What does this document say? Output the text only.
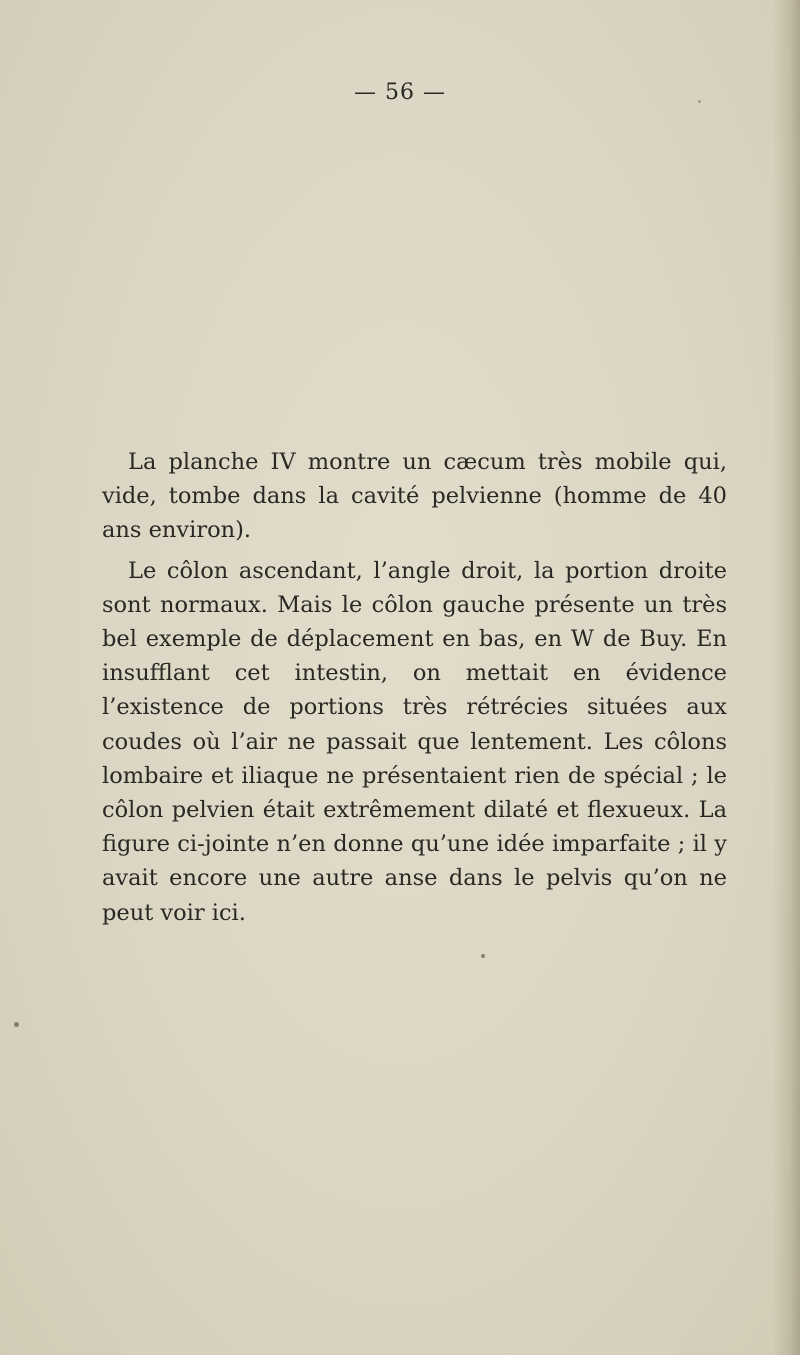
— 56 —

La planche IV montre un cæcum très mobile qui, vide, tombe dans la cavité pelvienne (homme de 40 ans environ).

Le côlon ascendant, l’angle droit, la portion droite sont normaux. Mais le côlon gauche présente un très bel exemple de déplacement en bas, en W de Buy. En insufflant cet intestin, on mettait en évidence l’existence de portions très rétrécies situées aux coudes où l’air ne passait que lentement. Les côlons lombaire et iliaque ne présentaient rien de spécial ; le côlon pelvien était extrêmement dilaté et flexueux. La figure ci-jointe n’en donne qu’une idée imparfaite ; il y avait encore une autre anse dans le pelvis qu’on ne peut voir ici.
